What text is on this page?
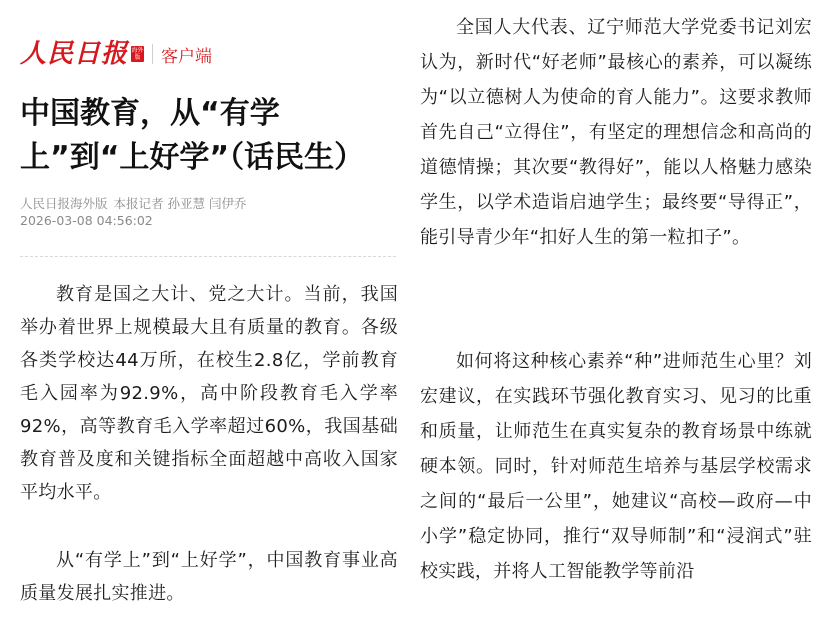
人民日报 海外版 客户端
中国教育，从“有学上”到“上好学”（话民生）

人民日报海外版 本报记者 孙亚慧 闫伊乔

2026-03-08 04:56:02

教育是国之大计、党之大计。当前，我国举办着世界上规模最大且有质量的教育。各级各类学校达44万所，在校生2.8亿，学前教育毛入园率为92.9%，高中阶段教育毛入学率92%，高等教育毛入学率超过60%，我国基础教育普及度和关键指标全面超越中高收入国家平均水平。

从“有学上”到“上好学”，中国教育事业高质量发展扎实推进。

全国人大代表、辽宁师范大学党委书记刘宏认为，新时代“好老师”最核心的素养，可以凝练为“以立德树人为使命的育人能力”。这要求教师首先自己“立得住”，有坚定的理想信念和高尚的道德情操；其次要“教得好”，能以人格魅力感染学生，以学术造诣启迪学生；最终要“导得正”，能引导青少年“扣好人生的第一粒扣子”。

如何将这种核心素养“种”进师范生心里？刘宏建议，在实践环节强化教育实习、见习的比重和质量，让师范生在真实复杂的教育场景中练就硬本领。同时，针对师范生培养与基层学校需求之间的“最后一公里”，她建议“高校—政府—中小学”稳定协同，推行“双导师制”和“浸润式”驻校实践，并将人工智能教学等前沿
